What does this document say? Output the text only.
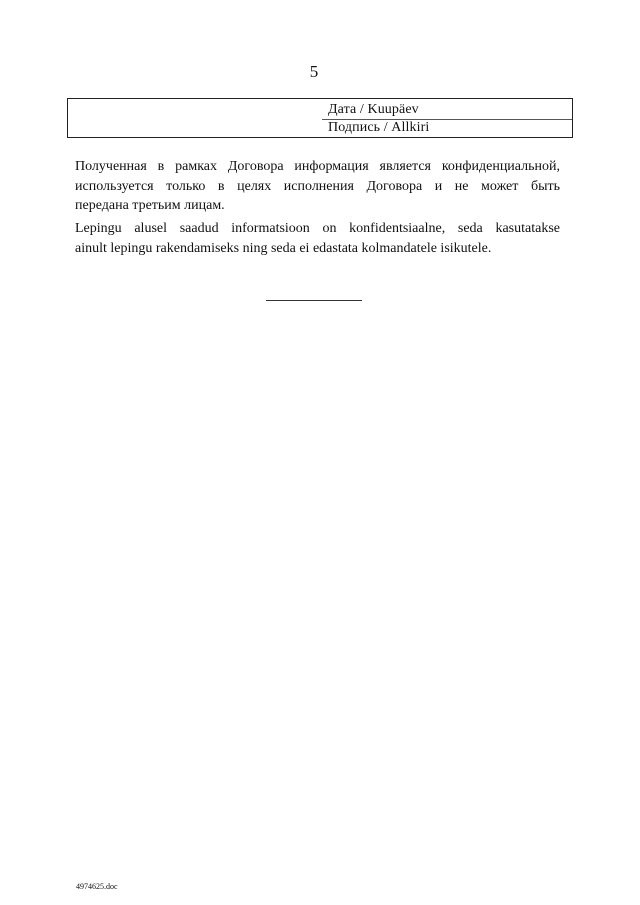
5
Дата / Kuupäev
Подпись / Allkiri
Полученная в рамках Договора информация является конфиденциальной,
используется только в целях исполнения Договора и не может быть
передана третьим лицам.
Lepingu alusel saadud informatsioon on konfidentsiaalne, seda kasutatakse
ainult lepingu rakendamiseks ning seda ei edastata kolmandatele isikutele.
4974625.doc
